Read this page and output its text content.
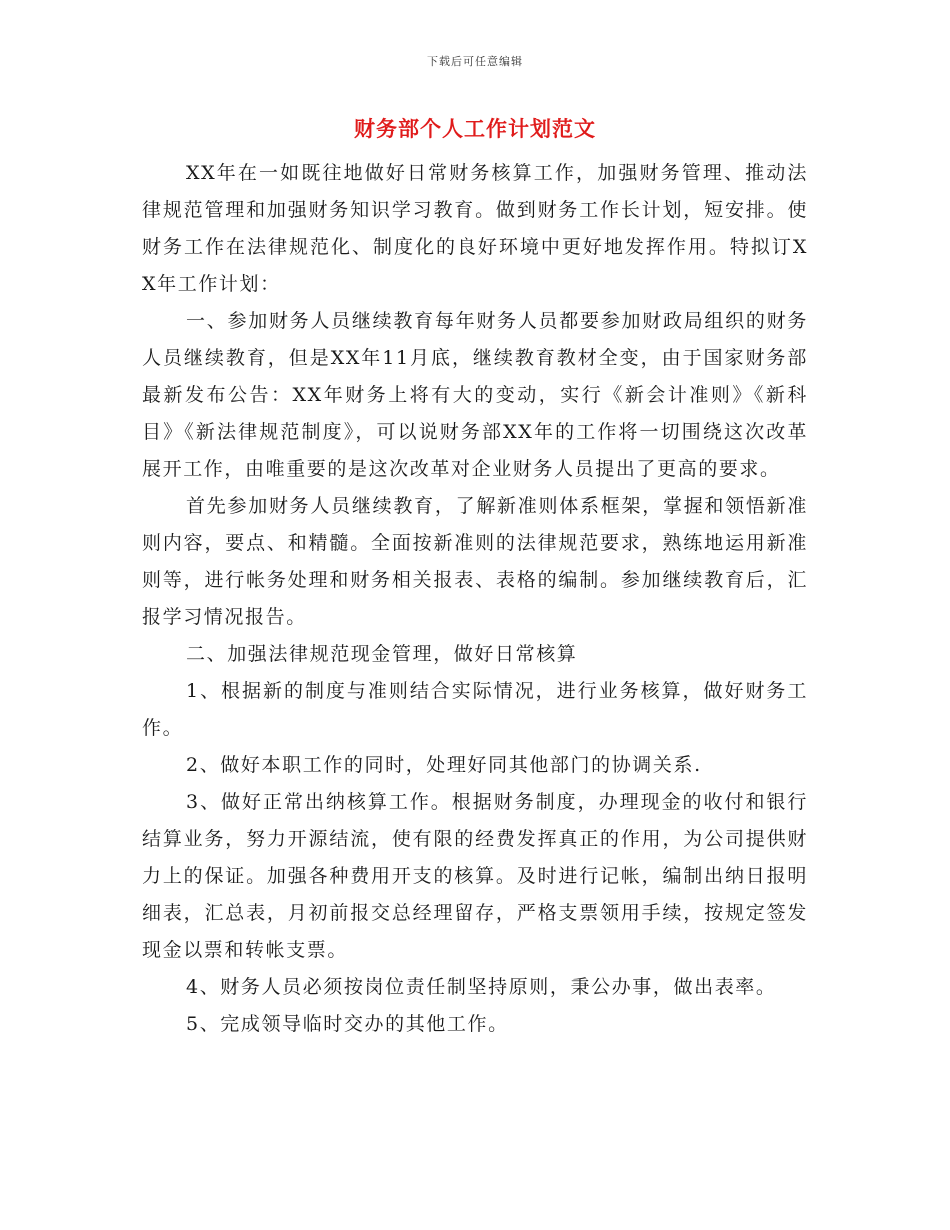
下载后可任意编辑
财务部个人工作计划范文

XX年在一如既往地做好日常财务核算工作，加强财务管理、推动法律规范管理和加强财务知识学习教育。做到财务工作长计划，短安排。使财务工作在法律规范化、制度化的良好环境中更好地发挥作用。特拟订XX年工作计划：

一、参加财务人员继续教育每年财务人员都要参加财政局组织的财务人员继续教育，但是XX年11月底，继续教育教材全变，由于国家财务部最新发布公告：XX年财务上将有大的变动，实行《新会计准则》《新科目》《新法律规范制度》，可以说财务部XX年的工作将一切围绕这次改革展开工作，由唯重要的是这次改革对企业财务人员提出了更高的要求。

首先参加财务人员继续教育，了解新准则体系框架，掌握和领悟新准则内容，要点、和精髓。全面按新准则的法律规范要求，熟练地运用新准则等，进行帐务处理和财务相关报表、表格的编制。参加继续教育后，汇报学习情况报告。

二、加强法律规范现金管理，做好日常核算

1、根据新的制度与准则结合实际情况，进行业务核算，做好财务工作。

2、做好本职工作的同时，处理好同其他部门的协调关系.

3、做好正常出纳核算工作。根据财务制度，办理现金的收付和银行结算业务，努力开源结流，使有限的经费发挥真正的作用，为公司提供财力上的保证。加强各种费用开支的核算。及时进行记帐，编制出纳日报明细表，汇总表，月初前报交总经理留存，严格支票领用手续，按规定签发现金以票和转帐支票。

4、财务人员必须按岗位责任制坚持原则，秉公办事，做出表率。

5、完成领导临时交办的其他工作。
